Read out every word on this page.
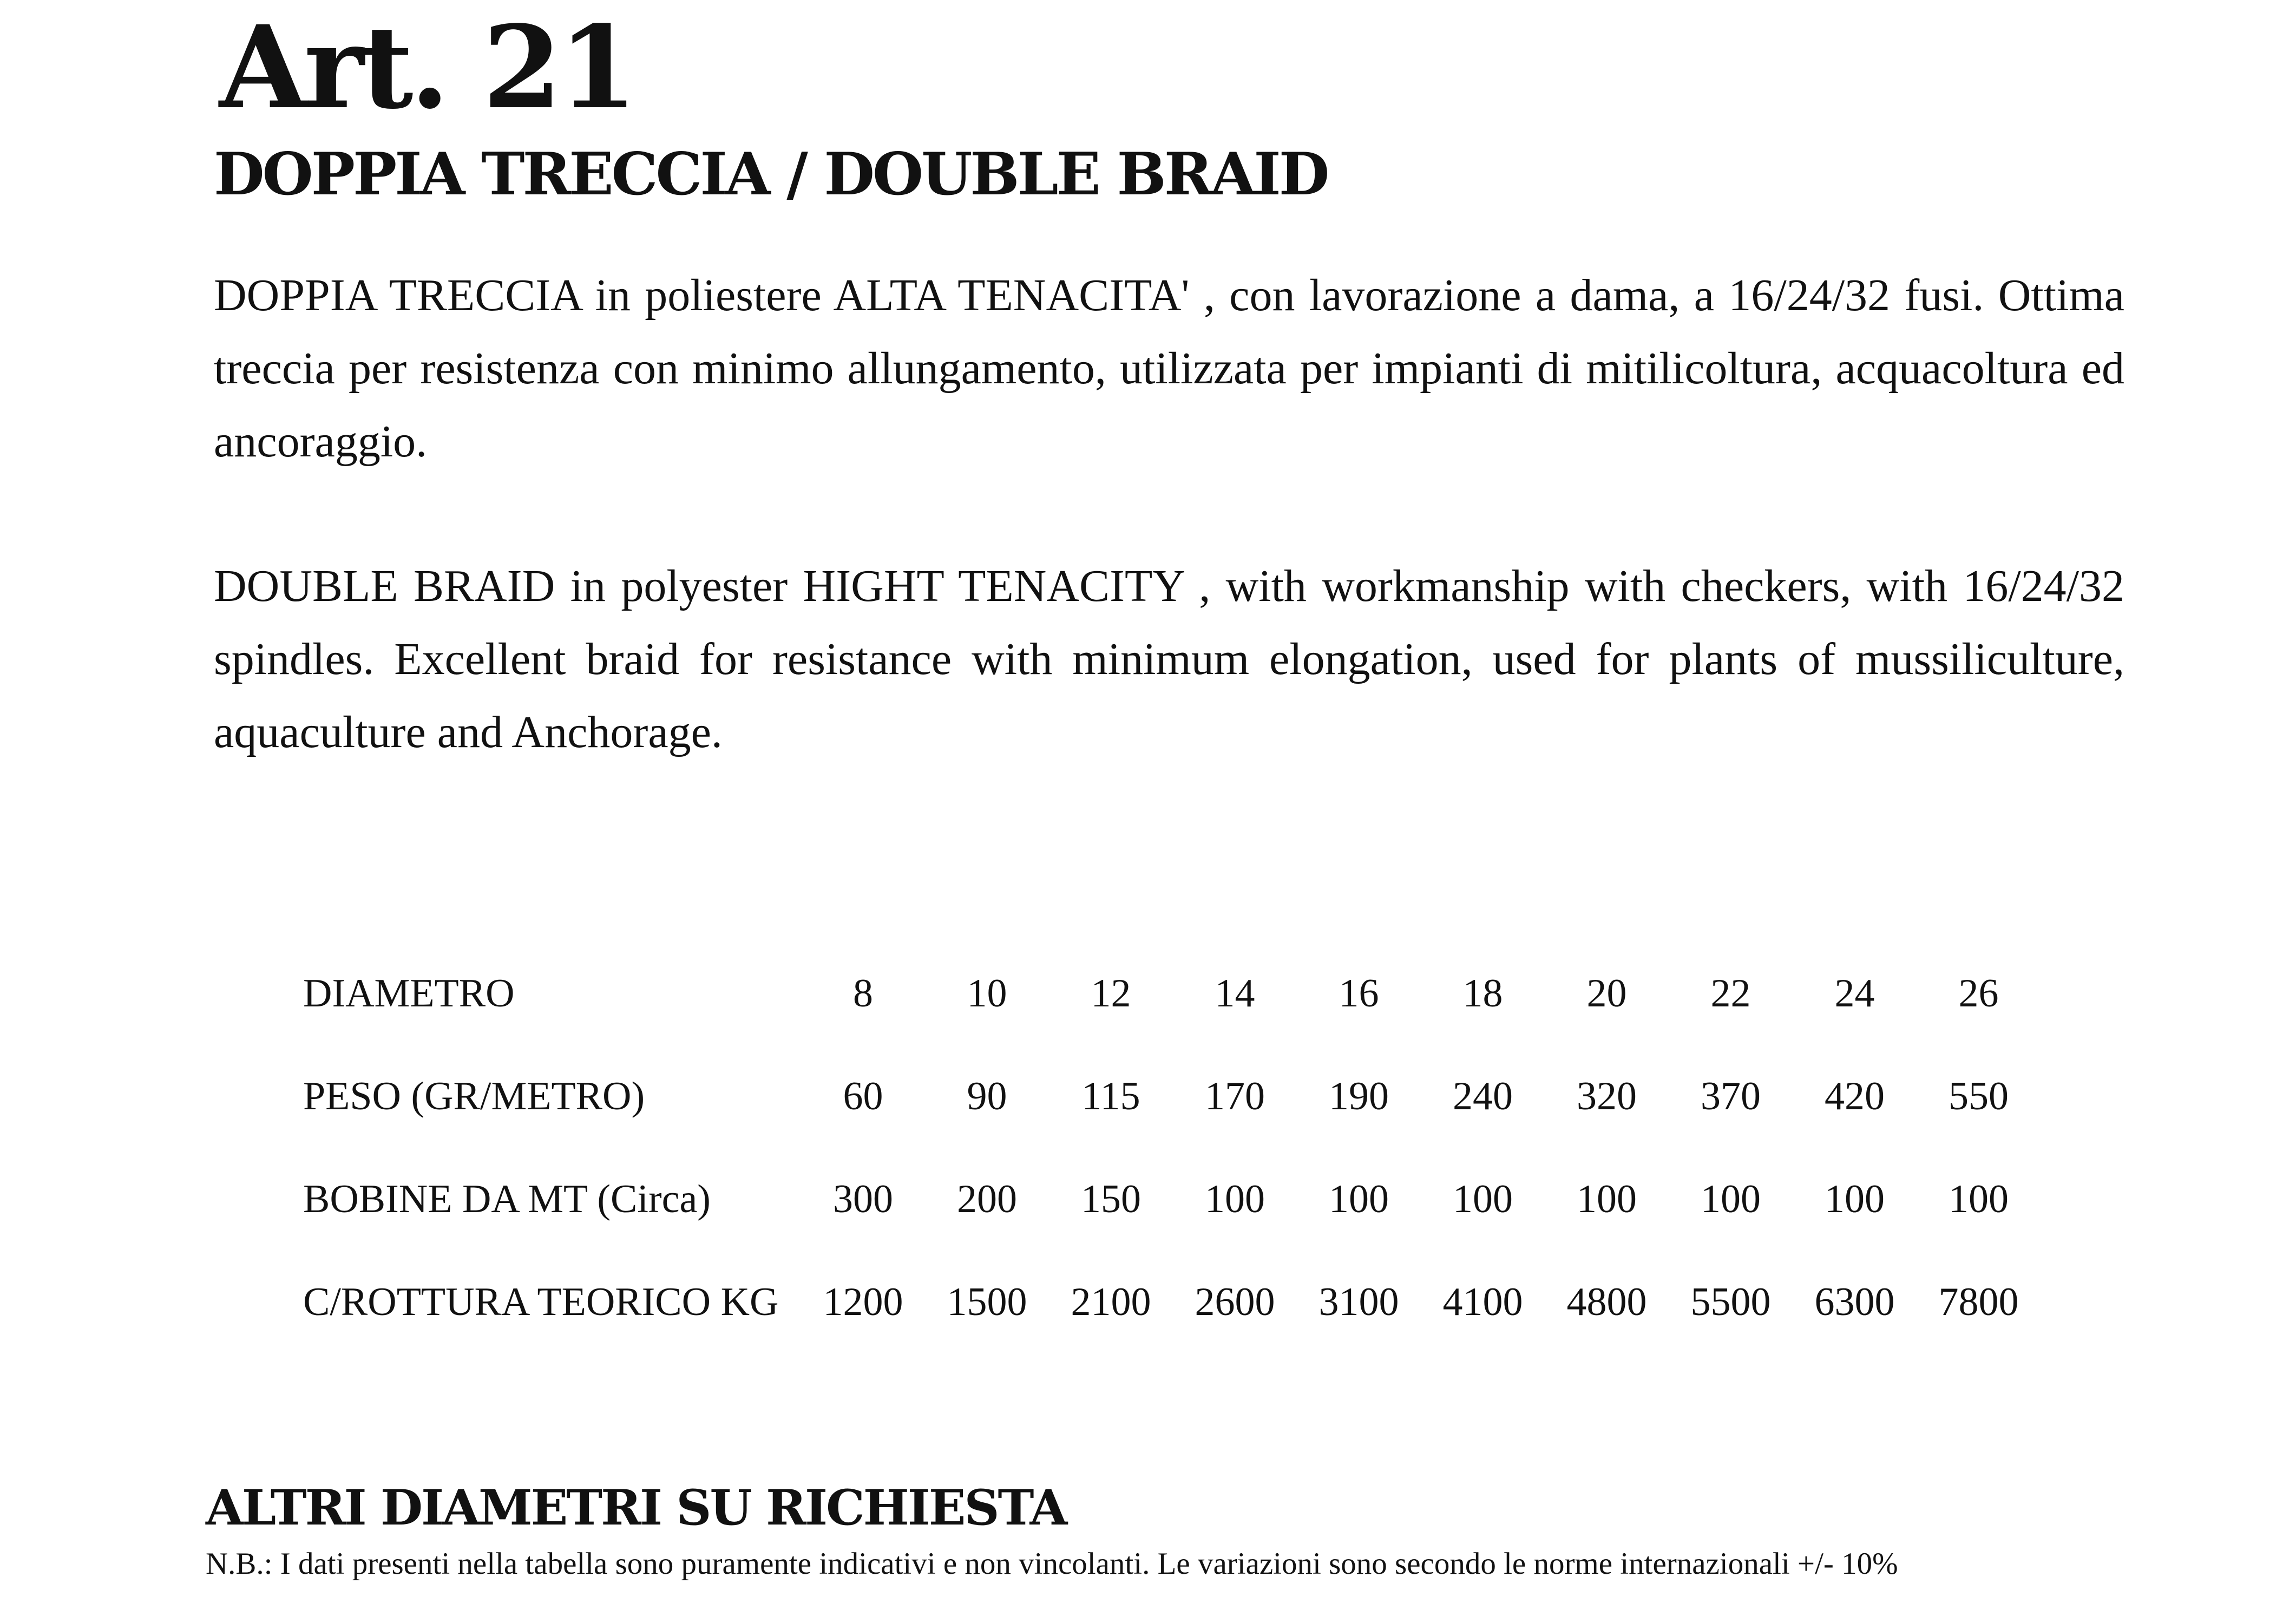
Art. 21
DOPPIA TRECCIA / DOUBLE BRAID

DOPPIA TRECCIA in poliestere ALTA TENACITA' , con lavorazione a dama, a 16/24/32 fusi. Ottima treccia per resistenza con minimo allungamento, utilizzata per impianti di mitilicoltura, acquacoltura ed ancoraggio.

DOUBLE BRAID in polyester HIGHT TENACITY , with workmanship with checkers, with 16/24/32 spindles. Excellent braid for resistance with minimum elongation, used for plants of mussiliculture, aquaculture and Anchorage.

DIAMETRO	8	10	12	14	16	18	20	22	24	26
PESO (GR/METRO)	60	90	115	170	190	240	320	370	420	550
BOBINE DA MT (Circa)	300	200	150	100	100	100	100	100	100	100
C/ROTTURA TEORICO KG	1200	1500	2100	2600	3100	4100	4800	5500	6300	7800
ALTRI DIAMETRI SU RICHIESTA
N.B.: I dati presenti nella tabella sono puramente indicativi e non vincolanti. Le variazioni sono secondo le norme internazionali +/- 10%
